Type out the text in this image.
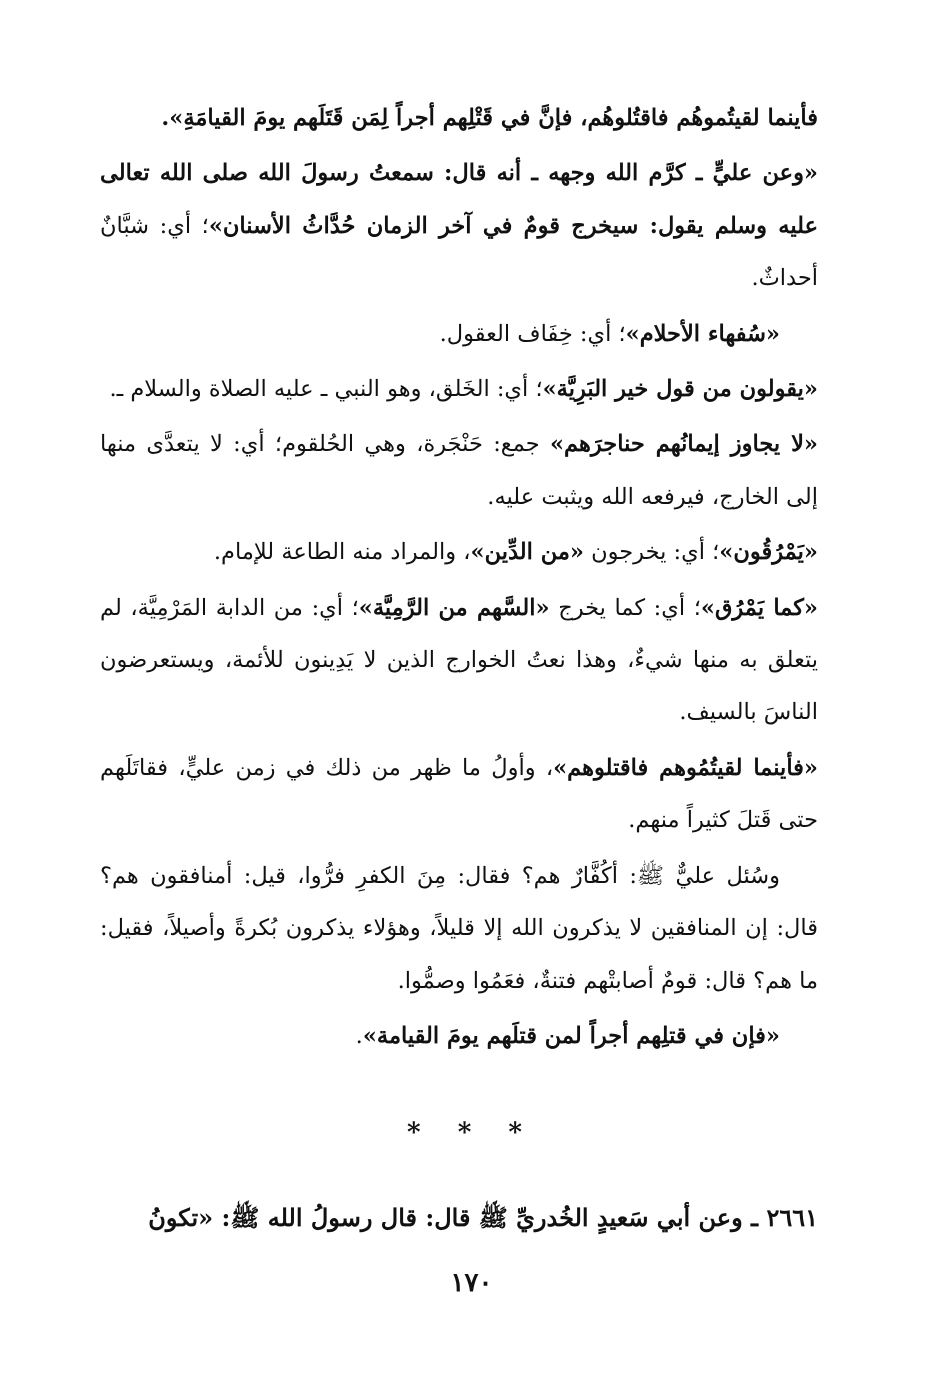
فأينما لقيتُموهُم فاقتُلوهُم، فإنَّ في قَتْلِهم أجراً لِمَن قَتَلَهم يومَ القيامَةِ».

«وعن عليٍّ ـ كرَّم الله وجهه ـ أنه قال: سمعتُ رسولَ الله صلى الله تعالى عليه وسلم يقول: سيخرج قومٌ في آخر الزمان حُدَّاثُ الأسنان»؛ أي: شبَّانٌ أحداثٌ.

«سُفهاء الأحلام»؛ أي: خِفَاف العقول.

«يقولون من قول خير البَرِيَّة»؛ أي: الخَلق، وهو النبي ـ عليه الصلاة والسلام ـ.

«لا يجاوز إيمانُهم حناجرَهم» جمع: حَنْجَرة، وهي الحُلقوم؛ أي: لا يتعدَّى منها إلى الخارج، فيرفعه الله ويثبت عليه.

«يَمْرُقُون»؛ أي: يخرجون «من الدِّين»، والمراد منه الطاعة للإمام.

«كما يَمْرُق»؛ أي: كما يخرج «السَّهم من الرَّمِيَّة»؛ أي: من الدابة المَرْمِيَّة، لم يتعلق به منها شيءٌ، وهذا نعتُ الخوارج الذين لا يَدِينون للأئمة، ويستعرضون الناسَ بالسيف.

«فأينما لقيتُمُوهم فاقتلوهم»، وأولُ ما ظهر من ذلك في زمن عليٍّ، فقاتَلَهم حتى قَتلَ كثيراً منهم.

وسُئل عليٌّ ﷺ: أكُفَّارٌ هم؟ فقال: مِنَ الكفرِ فرُّوا، قيل: أمنافقون هم؟ قال: إن المنافقين لا يذكرون الله إلا قليلاً، وهؤلاء يذكرون بُكرةً وأصيلاً، فقيل: ما هم؟ قال: قومٌ أصابتْهم فتنةٌ، فعَمُوا وصمُّوا.

«فإن في قتلِهم أجراً لمن قتلَهم يومَ القيامة».

* * *
٢٦٦١ ـ وعن أبي سَعيدٍ الخُدريِّ ﷺ قال: قال رسولُ الله ﷺ: «تكونُ
١٧٠
